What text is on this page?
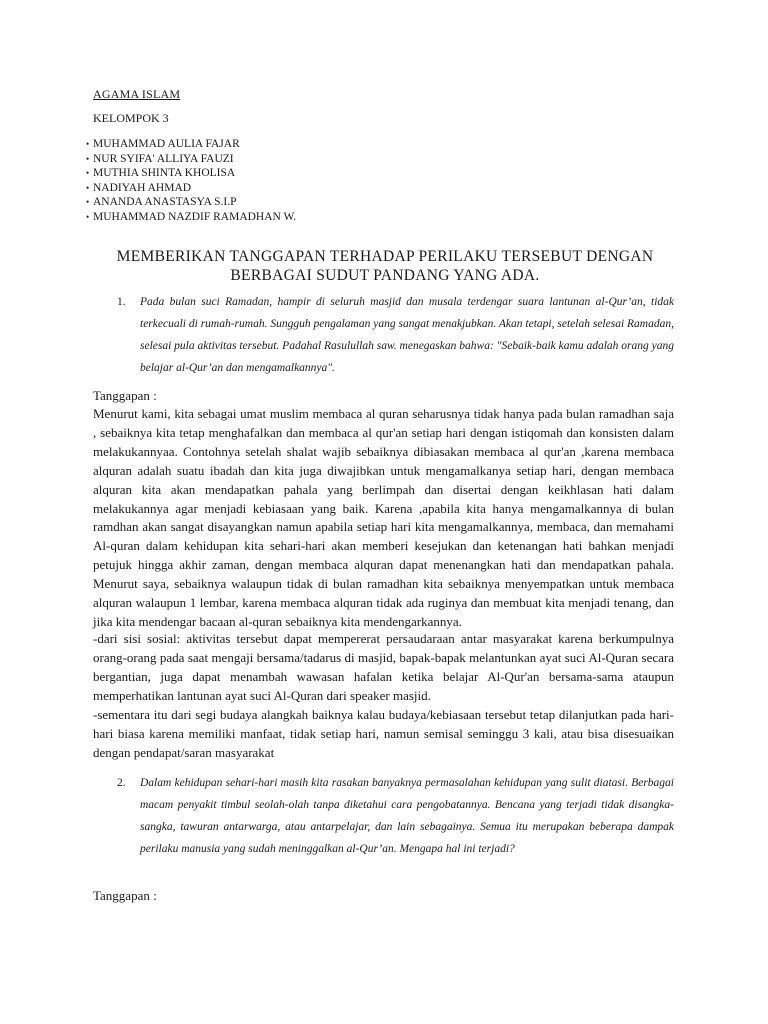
AGAMA ISLAM
KELOMPOK 3
• MUHAMMAD AULIA FAJAR
• NUR SYIFA' ALLIYA FAUZI
• MUTHIA SHINTA KHOLISA
• NADIYAH AHMAD
• ANANDA ANASTASYA S.I.P
• MUHAMMAD NAZDIF RAMADHAN W.
MEMBERIKAN TANGGAPAN TERHADAP PERILAKU TERSEBUT DENGAN BERBAGAI SUDUT PANDANG YANG ADA.
1. Pada bulan suci Ramadan, hampir di seluruh masjid dan musala terdengar suara lantunan al-Qur’an, tidak terkecuali di rumah-rumah. Sungguh pengalaman yang sangat menakjubkan. Akan tetapi, setelah selesai Ramadan, selesai pula aktivitas tersebut. Padahal Rasulullah saw. menegaskan bahwa: "Sebaik-baik kamu adalah orang yang belajar al-Qur’an dan mengamalkannya".
Tanggapan :

Menurut kami, kita sebagai umat muslim membaca al quran seharusnya tidak hanya pada bulan ramadhan saja , sebaiknya kita tetap menghafalkan dan membaca al qur'an setiap hari dengan istiqomah dan konsisten dalam melakukannyaa. Contohnya setelah shalat wajib sebaiknya dibiasakan membaca al qur'an ,karena membaca alquran adalah suatu ibadah dan kita juga diwajibkan untuk mengamalkanya setiap hari, dengan membaca alquran kita akan mendapatkan pahala yang berlimpah dan disertai dengan keikhlasan hati dalam melakukannya agar menjadi kebiasaan yang baik. Karena ,apabila kita hanya mengamalkannya di bulan ramdhan akan sangat disayangkan namun apabila setiap hari kita mengamalkannya, membaca, dan memahami Al-quran dalam kehidupan kita sehari-hari akan memberi kesejukan dan ketenangan hati bahkan menjadi petujuk hingga akhir zaman, dengan membaca alquran dapat menenangkan hati dan mendapatkan pahala. Menurut saya, sebaiknya walaupun tidak di bulan ramadhan kita sebaiknya menyempatkan untuk membaca alquran walaupun 1 lembar, karena membaca alquran tidak ada ruginya dan membuat kita menjadi tenang, dan jika kita mendengar bacaan al-quran sebaiknya kita mendengarkannya.

-dari sisi sosial: aktivitas tersebut dapat mempererat persaudaraan antar masyarakat karena berkumpulnya orang-orang pada saat mengaji bersama/tadarus di masjid, bapak-bapak melantunkan ayat suci Al-Quran secara bergantian, juga dapat menambah wawasan hafalan ketika belajar Al-Qur'an bersama-sama ataupun memperhatikan lantunan ayat suci Al-Quran dari speaker masjid.

-sementara itu dari segi budaya alangkah baiknya kalau budaya/kebiasaan tersebut tetap dilanjutkan pada hari-hari biasa karena memiliki manfaat, tidak setiap hari, namun semisal seminggu 3 kali, atau bisa disesuaikan dengan pendapat/saran masyarakat

2. Dalam kehidupan sehari-hari masih kita rasakan banyaknya permasalahan kehidupan yang sulit diatasi. Berbagai macam penyakit timbul seolah-olah tanpa diketahui cara pengobatannya. Bencana yang terjadi tidak disangka-sangka, tawuran antarwarga, atau antarpelajar, dan lain sebagainya. Semua itu merupakan beberapa dampak perilaku manusia yang sudah meninggalkan al-Qur’an. Mengapa hal ini terjadi?
Tanggapan :
